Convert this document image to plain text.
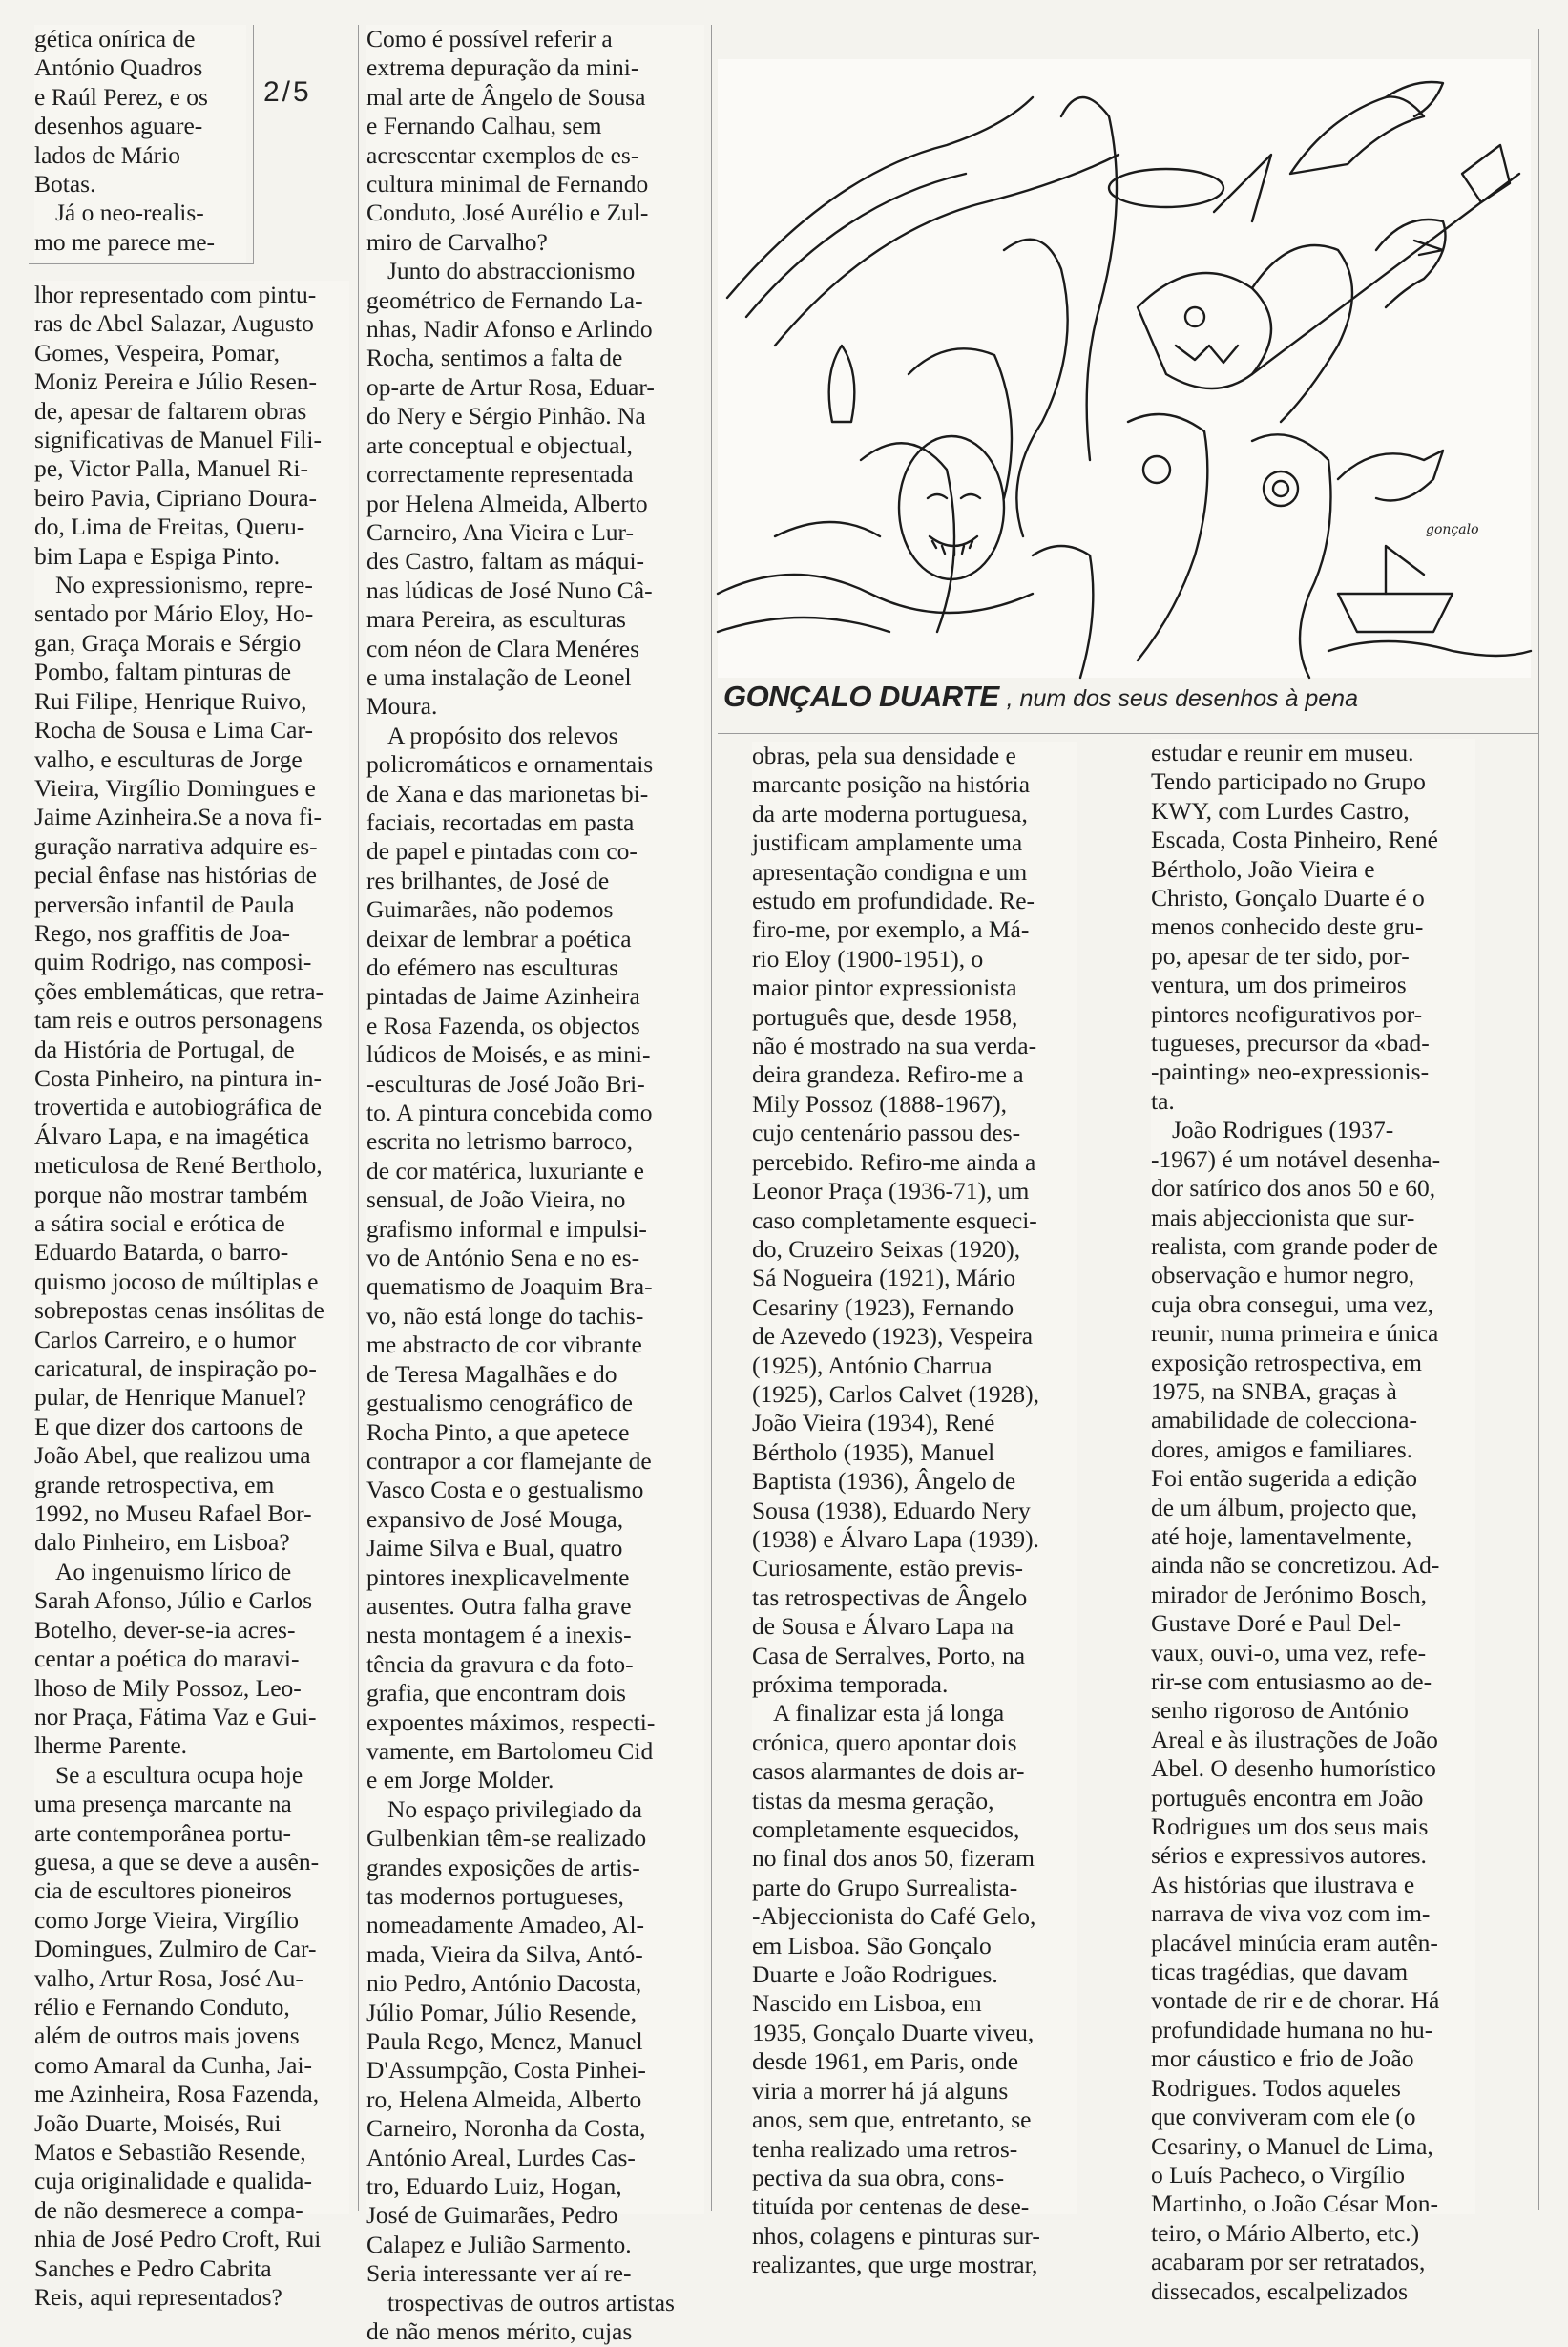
2/5

gética onírica de

António Quadros

e Raúl Perez, e os

desenhos aguare-

lados de Mário

Botas.

Já o neo-realis-

mo me parece me-

lhor representado com pintu-

ras de Abel Salazar, Augusto

Gomes, Vespeira, Pomar,

Moniz Pereira e Júlio Resen-

de, apesar de faltarem obras

significativas de Manuel Fili-

pe, Victor Palla, Manuel Ri-

beiro Pavia, Cipriano Doura-

do, Lima de Freitas, Queru-

bim Lapa e Espiga Pinto.

No expressionismo, repre-

sentado por Mário Eloy, Ho-

gan, Graça Morais e Sérgio

Pombo, faltam pinturas de

Rui Filipe, Henrique Ruivo,

Rocha de Sousa e Lima Car-

valho, e esculturas de Jorge

Vieira, Virgílio Domingues e

Jaime Azinheira.Se a nova fi-

guração narrativa adquire es-

pecial ênfase nas histórias de

perversão infantil de Paula

Rego, nos graffitis de Joa-

quim Rodrigo, nas composi-

ções emblemáticas, que retra-

tam reis e outros personagens

da História de Portugal, de

Costa Pinheiro, na pintura in-

trovertida e autobiográfica de

Álvaro Lapa, e na imagética

meticulosa de René Bertholo,

porque não mostrar também

a sátira social e erótica de

Eduardo Batarda, o barro-

quismo jocoso de múltiplas e

sobrepostas cenas insólitas de

Carlos Carreiro, e o humor

caricatural, de inspiração po-

pular, de Henrique Manuel?

E que dizer dos cartoons de

João Abel, que realizou uma

grande retrospectiva, em

1992, no Museu Rafael Bor-

dalo Pinheiro, em Lisboa?

Ao ingenuismo lírico de

Sarah Afonso, Júlio e Carlos

Botelho, dever-se-ia acres-

centar a poética do maravi-

lhoso de Mily Possoz, Leo-

nor Praça, Fátima Vaz e Gui-

lherme Parente.

Se a escultura ocupa hoje

uma presença marcante na

arte contemporânea portu-

guesa, a que se deve a ausên-

cia de escultores pioneiros

como Jorge Vieira, Virgílio

Domingues, Zulmiro de Car-

valho, Artur Rosa, José Au-

rélio e Fernando Conduto,

além de outros mais jovens

como Amaral da Cunha, Jai-

me Azinheira, Rosa Fazenda,

João Duarte, Moisés, Rui

Matos e Sebastião Resende,

cuja originalidade e qualida-

de não desmerece a compa-

nhia de José Pedro Croft, Rui

Sanches e Pedro Cabrita

Reis, aqui representados?

Como é possível referir a

extrema depuração da mini-

mal arte de Ângelo de Sousa

e Fernando Calhau, sem

acrescentar exemplos de es-

cultura minimal de Fernando

Conduto, José Aurélio e Zul-

miro de Carvalho?

Junto do abstraccionismo

geométrico de Fernando La-

nhas, Nadir Afonso e Arlindo

Rocha, sentimos a falta de

op-arte de Artur Rosa, Eduar-

do Nery e Sérgio Pinhão. Na

arte conceptual e objectual,

correctamente representada

por Helena Almeida, Alberto

Carneiro, Ana Vieira e Lur-

des Castro, faltam as máqui-

nas lúdicas de José Nuno Câ-

mara Pereira, as esculturas

com néon de Clara Menéres

e uma instalação de Leonel

Moura.

A propósito dos relevos

policromáticos e ornamentais

de Xana e das marionetas bi-

faciais, recortadas em pasta

de papel e pintadas com co-

res brilhantes, de José de

Guimarães, não podemos

deixar de lembrar a poética

do efémero nas esculturas

pintadas de Jaime Azinheira

e Rosa Fazenda, os objectos

lúdicos de Moisés, e as mini-

-esculturas de José João Bri-

to. A pintura concebida como

escrita no letrismo barroco,

de cor matérica, luxuriante e

sensual, de João Vieira, no

grafismo informal e impulsi-

vo de António Sena e no es-

quematismo de Joaquim Bra-

vo, não está longe do tachis-

me abstracto de cor vibrante

de Teresa Magalhães e do

gestualismo cenográfico de

Rocha Pinto, a que apetece

contrapor a cor flamejante de

Vasco Costa e o gestualismo

expansivo de José Mouga,

Jaime Silva e Bual, quatro

pintores inexplicavelmente

ausentes. Outra falha grave

nesta montagem é a inexis-

tência da gravura e da foto-

grafia, que encontram dois

expoentes máximos, respecti-

vamente, em Bartolomeu Cid

e em Jorge Molder.

No espaço privilegiado da

Gulbenkian têm-se realizado

grandes exposições de artis-

tas modernos portugueses,

nomeadamente Amadeo, Al-

mada, Vieira da Silva, Antó-

nio Pedro, António Dacosta,

Júlio Pomar, Júlio Resende,

Paula Rego, Menez, Manuel

D'Assumpção, Costa Pinhei-

ro, Helena Almeida, Alberto

Carneiro, Noronha da Costa,

António Areal, Lurdes Cas-

tro, Eduardo Luiz, Hogan,

José de Guimarães, Pedro

Calapez e Julião Sarmento.

Seria interessante ver aí re-

trospectivas de outros artistas

de não menos mérito, cujas

obras, pela sua densidade e

marcante posição na história

da arte moderna portuguesa,

justificam amplamente uma

apresentação condigna e um

estudo em profundidade. Re-

firo-me, por exemplo, a Má-

rio Eloy (1900-1951), o

maior pintor expressionista

português que, desde 1958,

não é mostrado na sua verda-

deira grandeza. Refiro-me a

Mily Possoz (1888-1967),

cujo centenário passou des-

percebido. Refiro-me ainda a

Leonor Praça (1936-71), um

caso completamente esqueci-

do, Cruzeiro Seixas (1920),

Sá Nogueira (1921), Mário

Cesariny (1923), Fernando

de Azevedo (1923), Vespeira

(1925), António Charrua

(1925), Carlos Calvet (1928),

João Vieira (1934), René

Bértholo (1935), Manuel

Baptista (1936), Ângelo de

Sousa (1938), Eduardo Nery

(1938) e Álvaro Lapa (1939).

Curiosamente, estão previs-

tas retrospectivas de Ângelo

de Sousa e Álvaro Lapa na

Casa de Serralves, Porto, na

próxima temporada.

A finalizar esta já longa

crónica, quero apontar dois

casos alarmantes de dois ar-

tistas da mesma geração,

completamente esquecidos,

no final dos anos 50, fizeram

parte do Grupo Surrealista-

-Abjeccionista do Café Gelo,

em Lisboa. São Gonçalo

Duarte e João Rodrigues.

Nascido em Lisboa, em

1935, Gonçalo Duarte viveu,

desde 1961, em Paris, onde

viria a morrer há já alguns

anos, sem que, entretanto, se

tenha realizado uma retros-

pectiva da sua obra, cons-

tituída por centenas de dese-

nhos, colagens e pinturas sur-

realizantes, que urge mostrar,

estudar e reunir em museu.

Tendo participado no Grupo

KWY, com Lurdes Castro,

Escada, Costa Pinheiro, René

Bértholo, João Vieira e

Christo, Gonçalo Duarte é o

menos conhecido deste gru-

po, apesar de ter sido, por-

ventura, um dos primeiros

pintores neofigurativos por-

tugueses, precursor da «bad-

-painting» neo-expressionis-

ta.

João Rodrigues (1937-

-1967) é um notável desenha-

dor satírico dos anos 50 e 60,

mais abjeccionista que sur-

realista, com grande poder de

observação e humor negro,

cuja obra consegui, uma vez,

reunir, numa primeira e única

exposição retrospectiva, em

1975, na SNBA, graças à

amabilidade de colecciona-

dores, amigos e familiares.

Foi então sugerida a edição

de um álbum, projecto que,

até hoje, lamentavelmente,

ainda não se concretizou. Ad-

mirador de Jerónimo Bosch,

Gustave Doré e Paul Del-

vaux, ouvi-o, uma vez, refe-

rir-se com entusiasmo ao de-

senho rigoroso de António

Areal e às ilustrações de João

Abel. O desenho humorístico

português encontra em João

Rodrigues um dos seus mais

sérios e expressivos autores.

As histórias que ilustrava e

narrava de viva voz com im-

placável minúcia eram autên-

ticas tragédias, que davam

vontade de rir e de chorar. Há

profundidade humana no hu-

mor cáustico e frio de João

Rodrigues. Todos aqueles

que conviveram com ele (o

Cesariny, o Manuel de Lima,

o Luís Pacheco, o Virgílio

Martinho, o João César Mon-

teiro, o Mário Alberto, etc.)

acabaram por ser retratados,

dissecados, escalpelizados

gonçalo
GONÇALO DUARTE , num dos seus desenhos à pena
